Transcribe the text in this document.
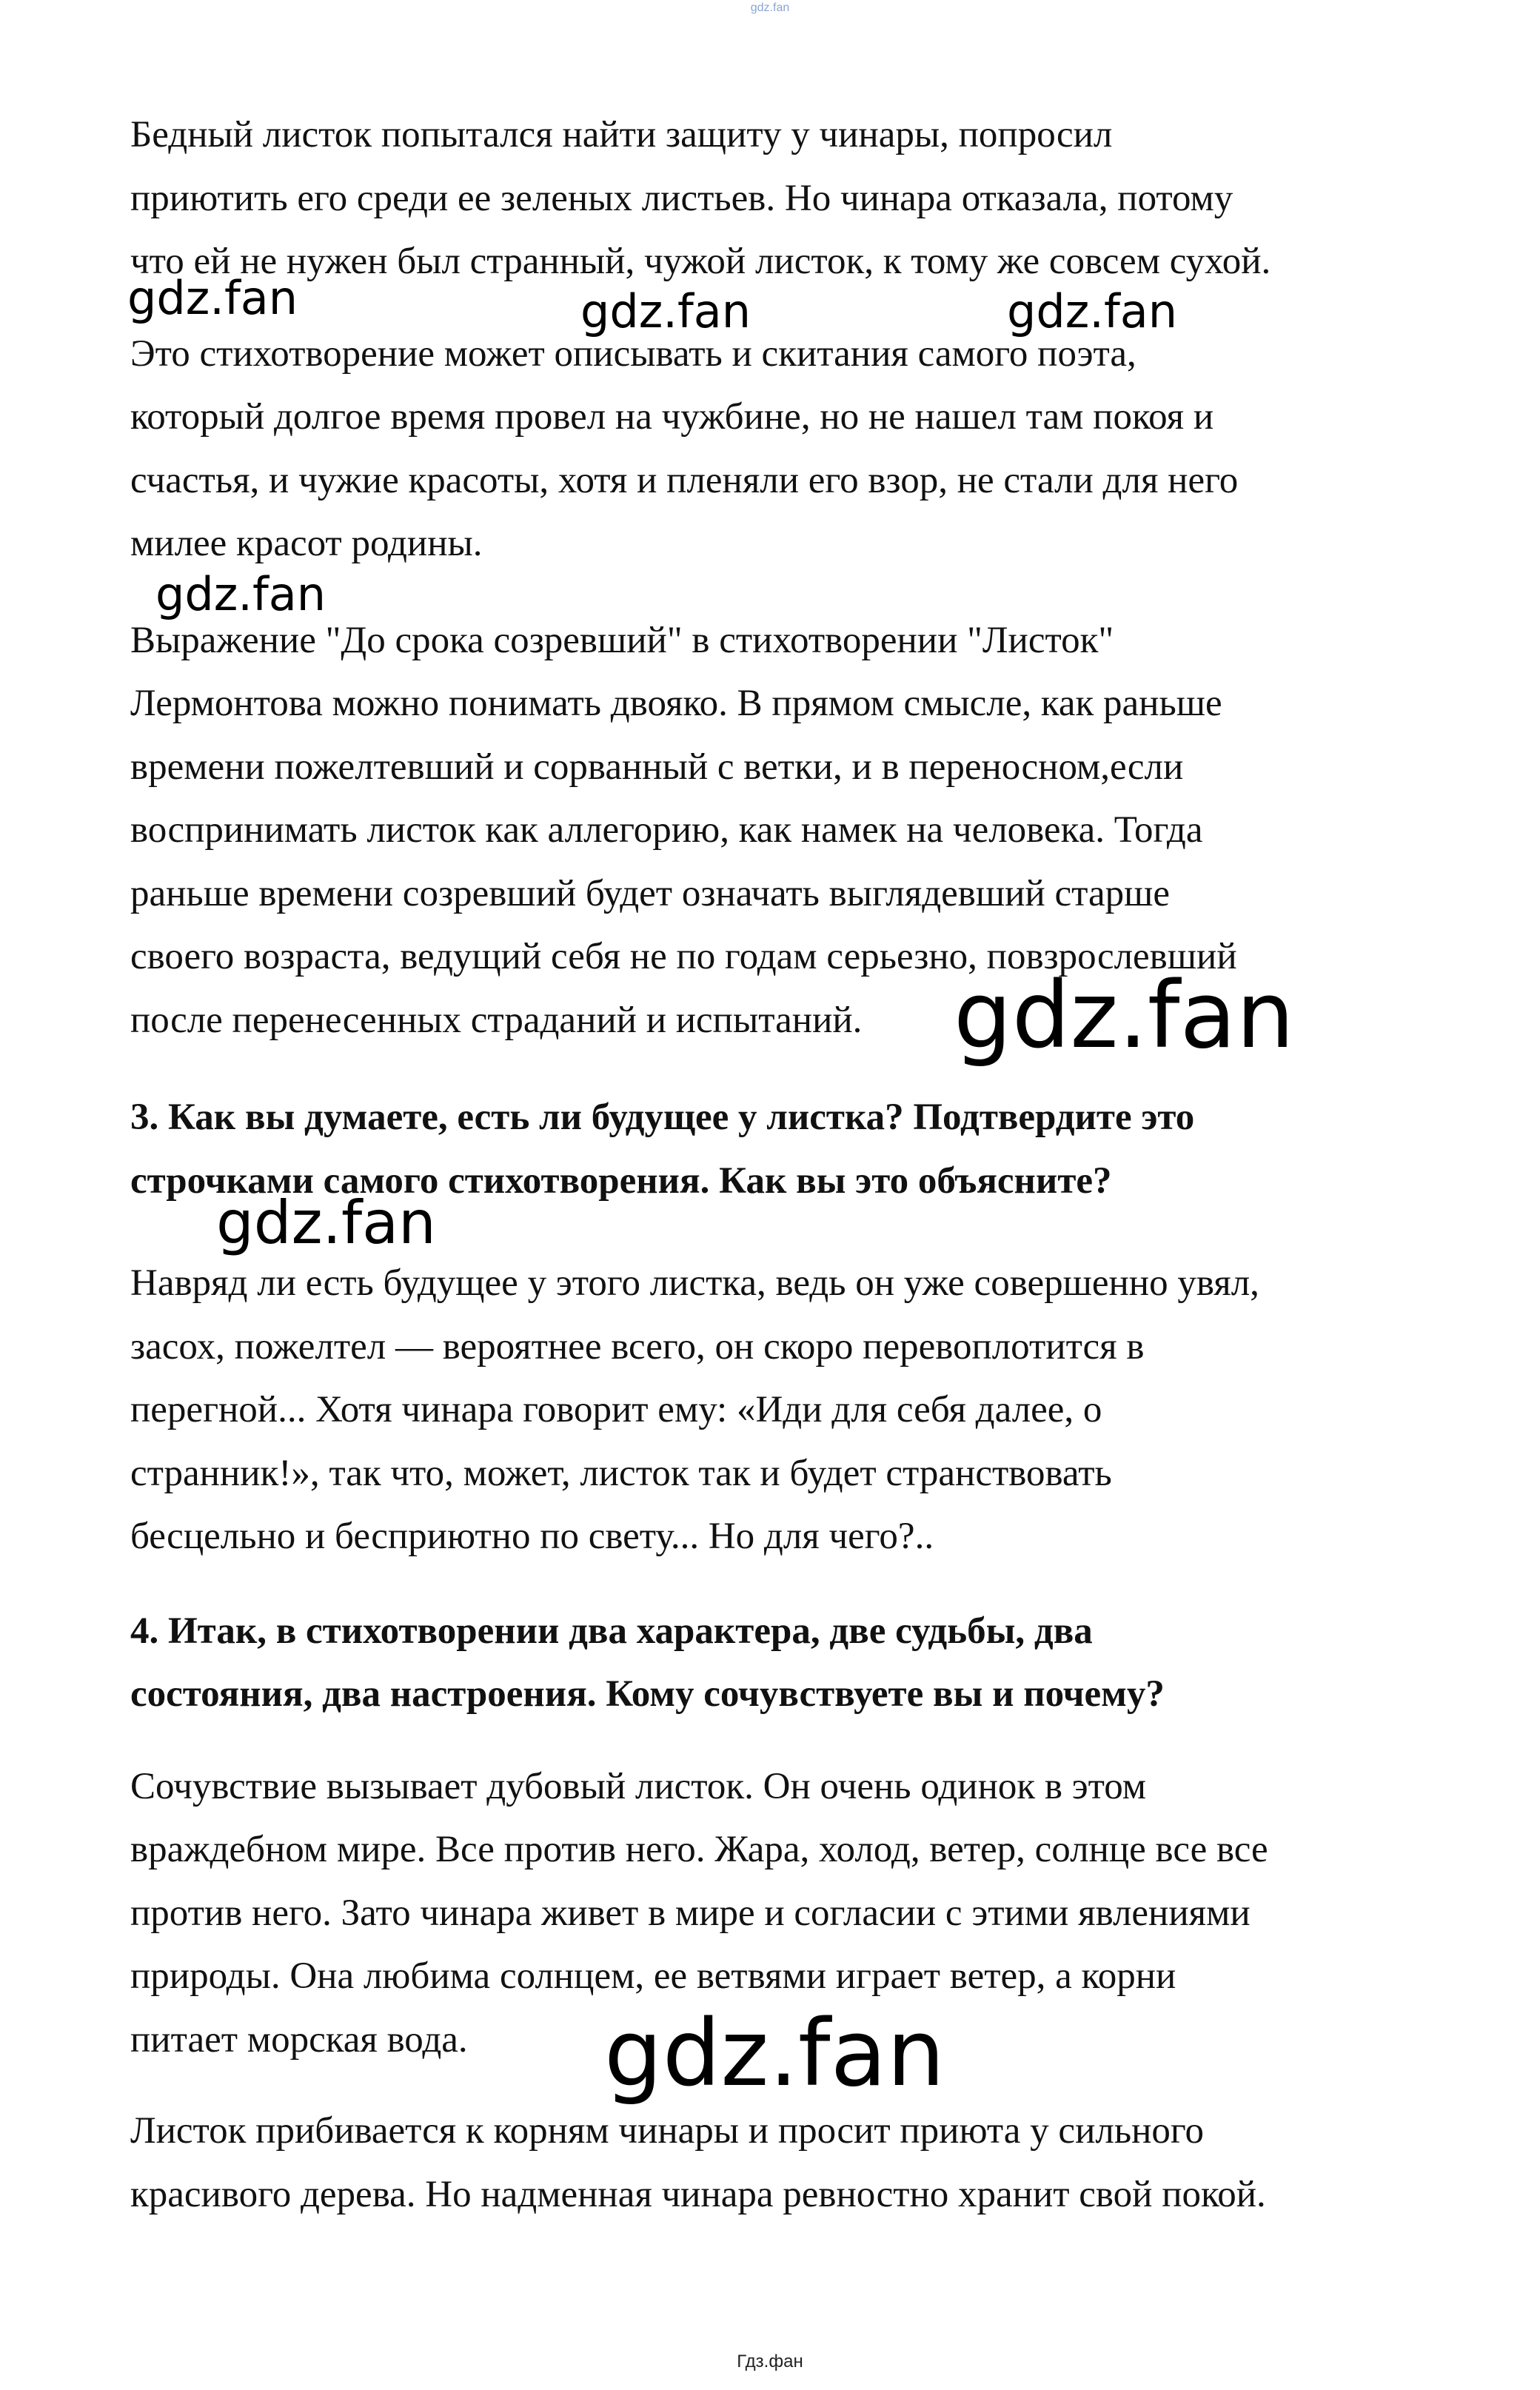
gdz.fan

Бедный листок попытался найти защиту у чинары, попросил
приютить его среди ее зеленых листьев. Но чинара отказала, потому
что ей не нужен был странный, чужой листок, к тому же совсем сухой.

Это стихотворение может описывать и скитания самого поэта,
который долгое время провел на чужбине, но не нашел там покоя и
счастья, и чужие красоты, хотя и пленяли его взор, не стали для него
милее красот родины.

Выражение "До срока созревший" в стихотворении "Листок"
Лермонтова можно понимать двояко. В прямом смысле, как раньше
времени пожелтевший и сорванный с ветки, и в переносном,если
воспринимать листок как аллегорию, как намек на человека. Тогда
раньше времени созревший будет означать выглядевший старше
своего возраста, ведущий себя не по годам серьезно, повзрослевший
после перенесенных страданий и испытаний.

3. Как вы думаете, есть ли будущее у листка? Подтвердите это
строчками самого стихотворения. Как вы это объясните?

Навряд ли есть будущее у этого листка, ведь он уже совершенно увял,
засох, пожелтел — вероятнее всего, он скоро перевоплотится в
перегной... Хотя чинара говорит ему: «Иди для себя далее, о
странник!», так что, может, листок так и будет странствовать
бесцельно и бесприютно по свету... Но для чего?..

4. Итак, в стихотворении два характера, две судьбы, два
состояния, два настроения. Кому сочувствуете вы и почему?

Сочувствие вызывает дубовый листок. Он очень одинок в этом
враждебном мире. Все против него. Жара, холод, ветер, солнце все все
против него. Зато чинара живет в мире и согласии с этими явлениями
природы. Она любима солнцем, ее ветвями играет ветер, а корни
питает морская вода.

Листок прибивается к корням чинары и просит приюта у сильного
красивого дерева. Но надменная чинара ревностно хранит свой покой.

gdz.fan	gdz.fan	gdz.fan
gdz.fan
gdz.fan
gdz.fan
gdz.fan
Гдз.фан
